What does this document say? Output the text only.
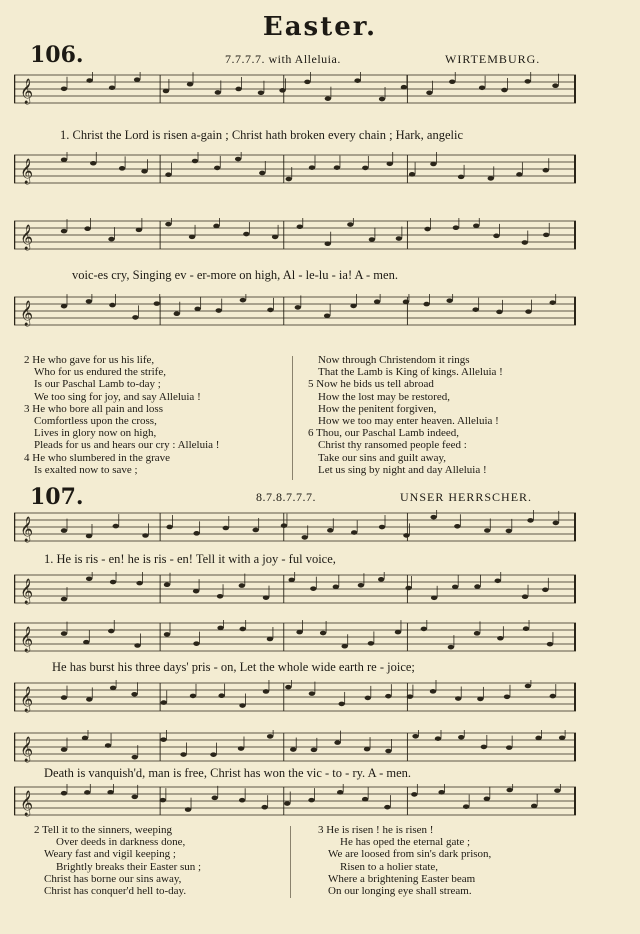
Easter.
106.	7.7.7.7. with Alleluia.	WIRTEMBURG.
𝄞
1. Christ the Lord is risen a-gain ; Christ hath broken every chain ; Hark, angelic
𝄞
𝄞
voic-es cry, Singing ev - er-more on high, Al - le-lu - ia! A - men.
𝄞
2 He who gave for us his life,
Who for us endured the strife,
Is our Paschal Lamb to-day ;
We too sing for joy, and say Alleluia !
3 He who bore all pain and loss
Comfortless upon the cross,
Lives in glory now on high,
Pleads for us and hears our cry : Alleluia !
4 He who slumbered in the grave
Is exalted now to save ;
Now through Christendom it rings
That the Lamb is King of kings. Alleluia !
5 Now he bids us tell abroad
How the lost may be restored,
How the penitent forgiven,
How we too may enter heaven. Alleluia !
6 Thou, our Paschal Lamb indeed,
Christ thy ransomed people feed :
Take our sins and guilt away,
Let us sing by night and day Alleluia !
107.	8.7.8.7.7.7.	UNSER HERRSCHER.
𝄞
1. He is ris - en! he is ris - en! Tell it with a joy - ful voice,
𝄞
𝄞
He has burst his three days' pris - on, Let the whole wide earth re - joice;
𝄞
𝄞
Death is vanquish'd, man is free, Christ has won the vic - to - ry. A - men.
𝄞
2 Tell it to the sinners, weeping
Over deeds in darkness done,
Weary fast and vigil keeping ;
Brightly breaks their Easter sun ;
Christ has borne our sins away,
Christ has conquer'd hell to-day.
3 He is risen ! he is risen !
He has oped the eternal gate ;
We are loosed from sin's dark prison,
Risen to a holier state,
Where a brightening Easter beam
On our longing eye shall stream.
